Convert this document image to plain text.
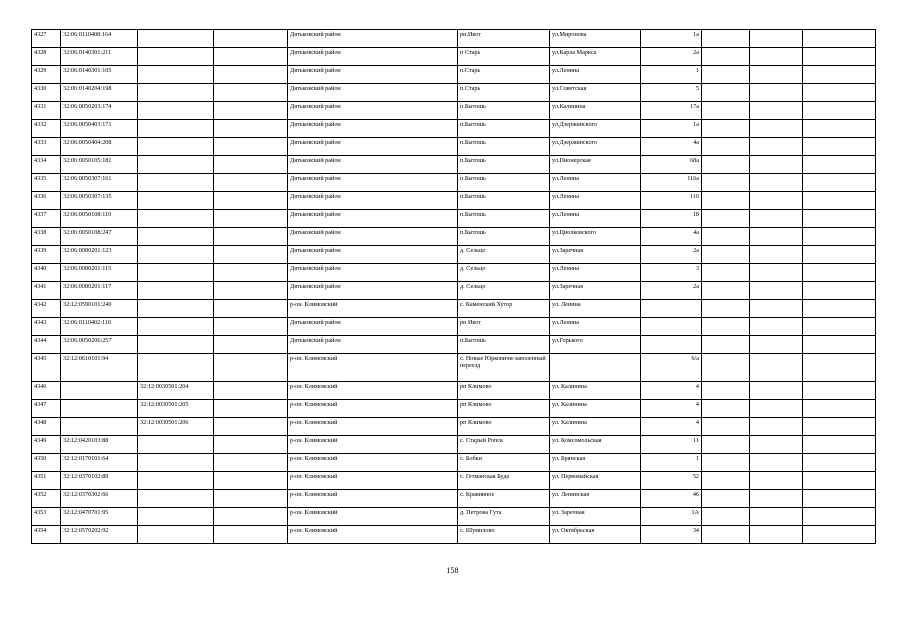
4327	32:06:0110408:164			Дятьковский район	рп.Ивот	ул.Миронова	1а			
4328	32:06:0140301:211			Дятьковский район	п Старь	ул.Карла Маркса	2а			
4329	32:06:0140301:105			Дятьковский район	п.Старь	ул.Ленина	1			
4330	32:06:0140204:198			Дятьковский район	п.Старь	ул.Советская	5			
4331	32:06:0050203:174			Дятьковский район	п.Бытошь	ул.Калинина	17а			
4332	32:06:0050403:171			Дятьковский район	п.Бытошь	ул.Дзержинского	1а			
4333	32:06:0050404:208			Дятьковский район	п.Бытошь	ул.Дзержинского	4а			
4334	32:06:0050105:181			Дятьковский район	п.Бытошь	ул.Пионерская	68а			
4335	32:06:0050307:161			Дятьковский район	п.Бытошь	ул.Ленина	116а			
4336	32:06:0050307:135			Дятьковский район	п.Бытошь	ул.Ленина	116			
4337	32:06:0050108:110			Дятьковский район	п.Бытошь	ул.Ленина	18			
4338	32:06:0050108:247			Дятьковский район	п.Бытошь	ул.Циолковского	4а			
4339	32:06:0080201:123			Дятьковский район	д. Сельцо	ул.Заречная	2а			
4340	32:06:0080201:115			Дятьковский район	д. Сельцо	ул.Ленина	3			
4341	32:06:0080201:117			Дятьковский район	д. Сельцо	ул.Заречная	2а			
4342	32:12:0590101:240			р-он. Климовский	с. Каменский Хутор	ул. Ленина				
4343	32:06:0110402:110			Дятьковский район	рп Ивот	ул.Ленина				
4344	32:06:0050206:257			Дятьковский район	п.Бытошь	ул.Горького				
4345	32:12:0610101:94			р-он. Климовский	с. Новые Юрковичи-заволенный переезд		6/а			
4346		32:12:0030501:204		р-он. Климовский	рп Климово	ул. Калинина	4			
4347		32:12:0030501:205		р-он. Климовский	рп Климово	ул. Калинина	4			
4348		32:12:0030501:206		р-он. Климовский	рп Климово	ул. Калинина	4			
4349	32:12:0420103:88			р-он. Климовский	с. Старый Ропск	ул. Комсомольская	11			
4350	32:12:0170101:64			р-он. Климовский	с. Бобки	ул. Брянская	1			
4351	32:12:0370102:89			р-он. Климовский	с. Гетманская Буда	ул. Первомайская	52			
4352	32:12:0370302:66			р-он. Климовский	с. Кравивное	ул. Ленинская	46			
4353	32:12:0470701:95			р-он. Климовский	д. Петрова Гута	ул. Заречная	1А			
4354	32:12:0570202:92			р-он. Климовский	с. Шумилово	ул. Октябрьская	34			
158
